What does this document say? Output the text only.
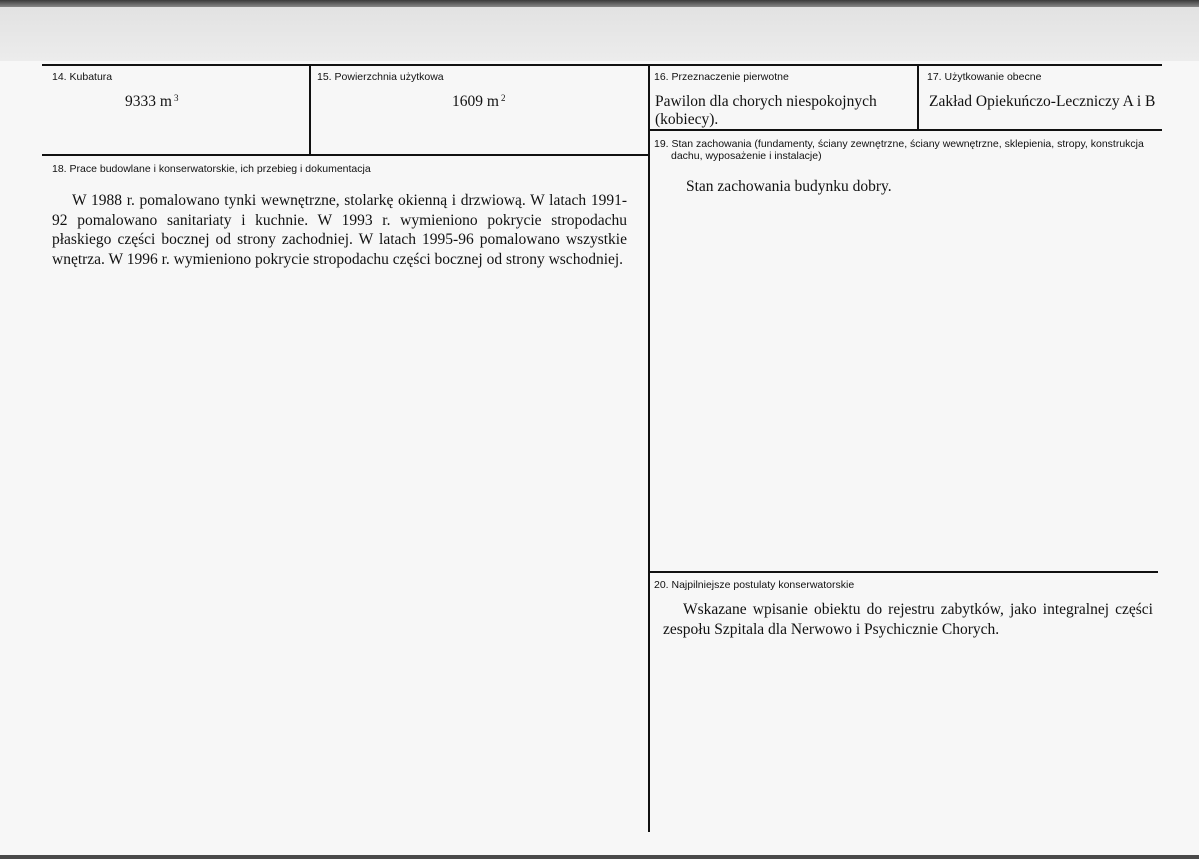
14. Kubatura
9333 m $^3$
15. Powierzchnia użytkowa
1609 m $^2$
16. Przeznaczenie pierwotne
Pawilon dla chorych niespokojnych
(kobiecy).
17. Użytkowanie obecne
Zakład Opiekuńczo-Leczniczy A i B
18. Prace budowlane i konserwatorskie, ich przebieg i dokumentacja

W 1988 r. pomalowano tynki wewnętrzne, stolarkę okienną i drzwiową. W latach 1991-92 pomalowano sanitariaty i kuchnie. W 1993 r. wymieniono pokrycie stropodachu płaskiego części bocznej od strony zachodniej. W latach 1995-96 pomalowano wszystkie wnętrza. W 1996 r. wymieniono pokrycie stropodachu części bocznej od strony wschodniej.

19. Stan zachowania (fundamenty, ściany zewnętrzne, ściany wewnętrzne, sklepienia, stropy, konstrukcja
dachu, wyposażenie i instalacje)
Stan zachowania budynku dobry.
20. Najpilniejsze postulaty konserwatorskie

Wskazane wpisanie obiektu do rejestru zabytków, jako integralnej części zespołu Szpitala dla Nerwowo i Psychicznie Chorych.
